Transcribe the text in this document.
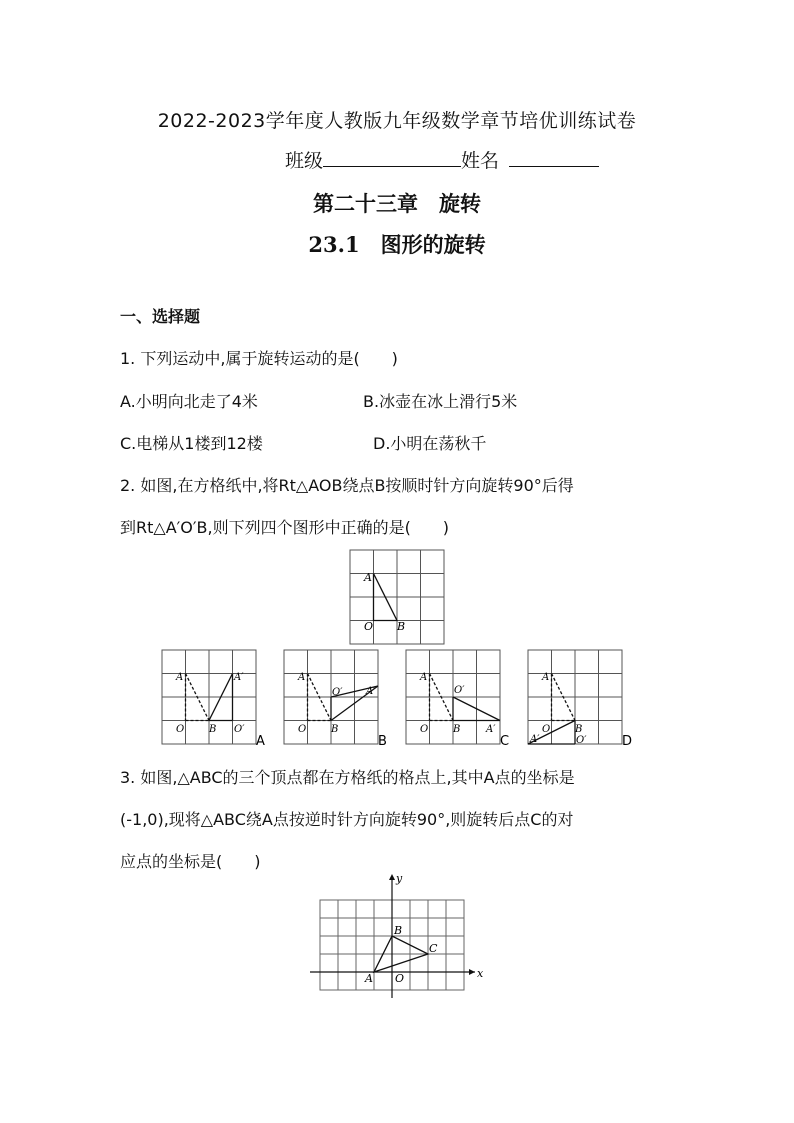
2022-2023学年度人教版九年级数学章节培优训练试卷
班级	姓名
第二十三章　旋转
23.1　图形的旋转
一、选择题
1. 下列运动中,属于旋转运动的是(　　)
A.小明向北走了4米	B.冰壶在冰上滑行5米
C.电梯从1楼到12楼	D.小明在荡秋千
2. 如图,在方格纸中,将Rt△AOB绕点B按顺时针方向旋转90°后得
到Rt△A′O′B,则下列四个图形中正确的是(　　)
A
O B
A	A′
O B O′
A
A
O′ A′
O B
B
A
O′
O B	A′
C
A
O B
A′	O′	D
3. 如图,△ABC的三个顶点都在方格纸的格点上,其中A点的坐标是
(-1,0),现将△ABC绕A点按逆时针方向旋转90°,则旋转后点C的对
应点的坐标是(　　)
x
y
A
B
C
O
